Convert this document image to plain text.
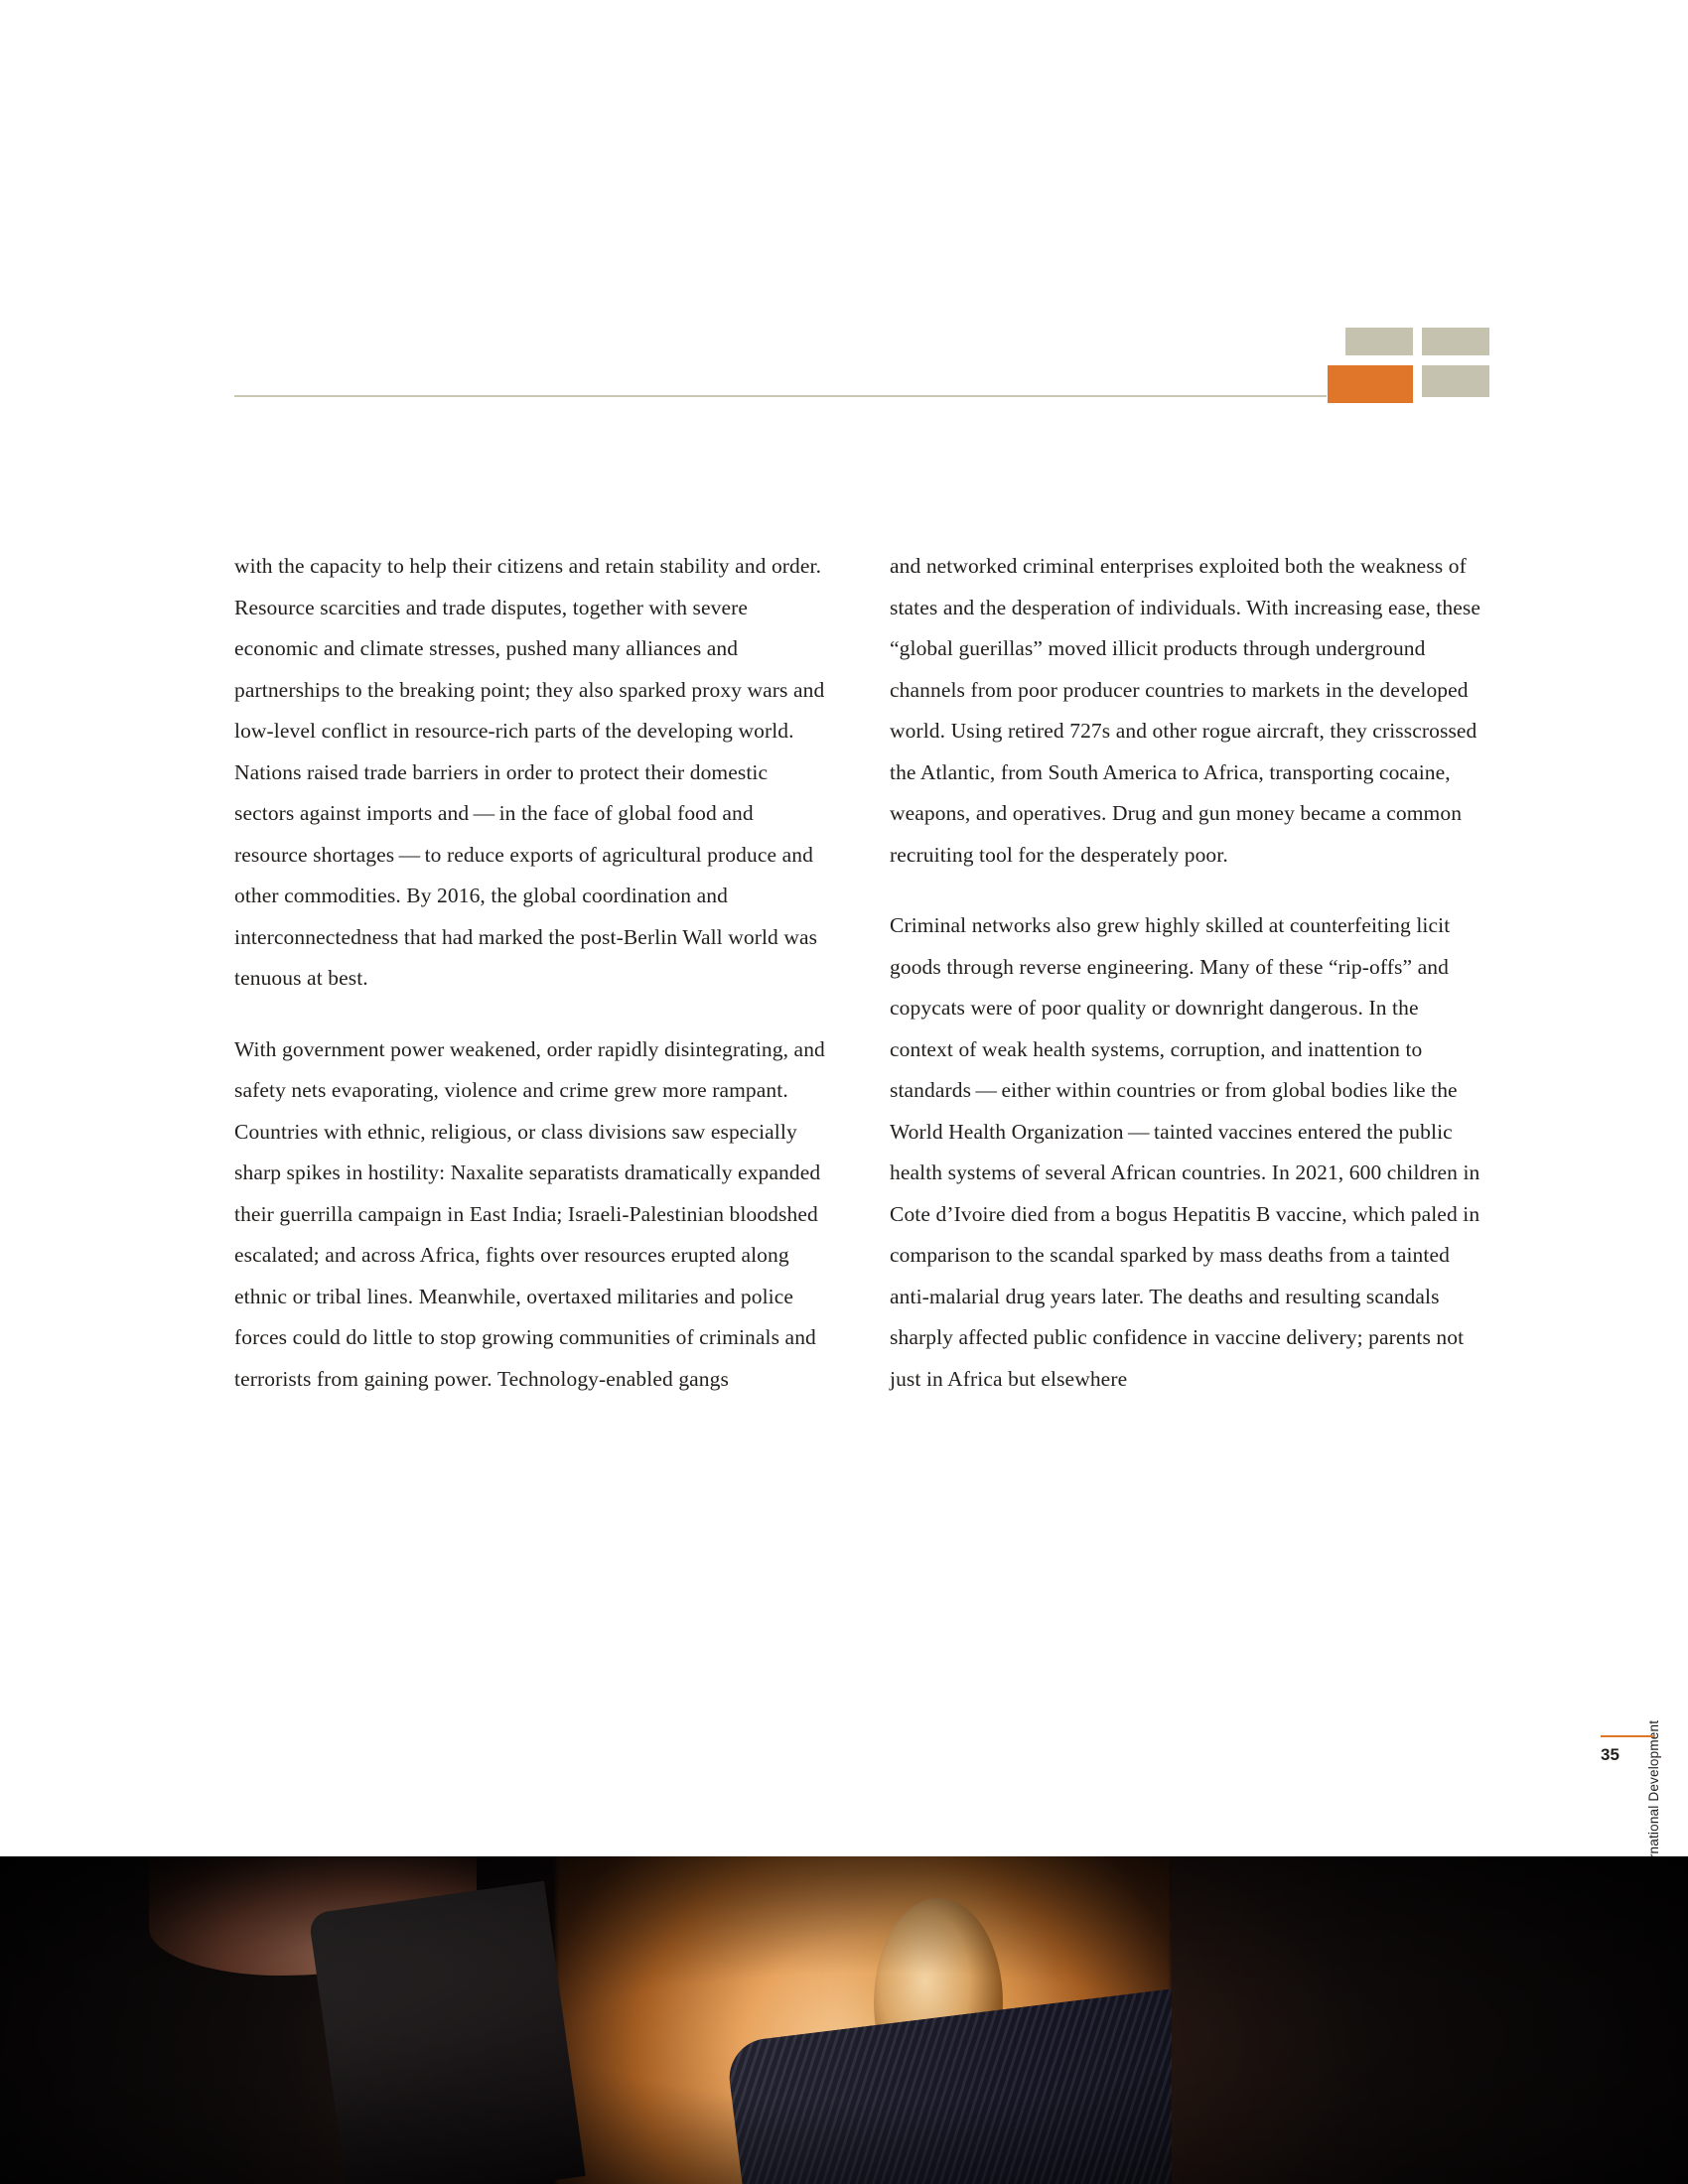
with the capacity to help their citizens and retain stability and order. Resource scarcities and trade disputes, together with severe economic and climate stresses, pushed many alliances and partnerships to the breaking point; they also sparked proxy wars and low-level conflict in resource-rich parts of the developing world. Nations raised trade barriers in order to protect their domestic sectors against imports and — in the face of global food and resource shortages — to reduce exports of agricultural produce and other commodities. By 2016, the global coordination and interconnectedness that had marked the post-Berlin Wall world was tenuous at best.

With government power weakened, order rapidly disintegrating, and safety nets evaporating, violence and crime grew more rampant. Countries with ethnic, religious, or class divisions saw especially sharp spikes in hostility: Naxalite separatists dramatically expanded their guerrilla campaign in East India; Israeli-Palestinian bloodshed escalated; and across Africa, fights over resources erupted along ethnic or tribal lines. Meanwhile, overtaxed militaries and police forces could do little to stop growing communities of criminals and terrorists from gaining power. Technology-enabled gangs

and networked criminal enterprises exploited both the weakness of states and the desperation of individuals. With increasing ease, these “global guerillas” moved illicit products through underground channels from poor producer countries to markets in the developed world. Using retired 727s and other rogue aircraft, they crisscrossed the Atlantic, from South America to Africa, transporting cocaine, weapons, and operatives. Drug and gun money became a common recruiting tool for the desperately poor.

Criminal networks also grew highly skilled at counterfeiting licit goods through reverse engineering. Many of these “rip-offs” and copycats were of poor quality or downright dangerous. In the context of weak health systems, corruption, and inattention to standards — either within countries or from global bodies like the World Health Organization — tainted vaccines entered the public health systems of several African countries. In 2021, 600 children in Cote d’Ivoire died from a bogus Hepatitis B vaccine, which paled in comparison to the scandal sparked by mass deaths from a tainted anti-malarial drug years later. The deaths and resulting scandals sharply affected public confidence in vaccine delivery; parents not just in Africa but elsewhere

35
